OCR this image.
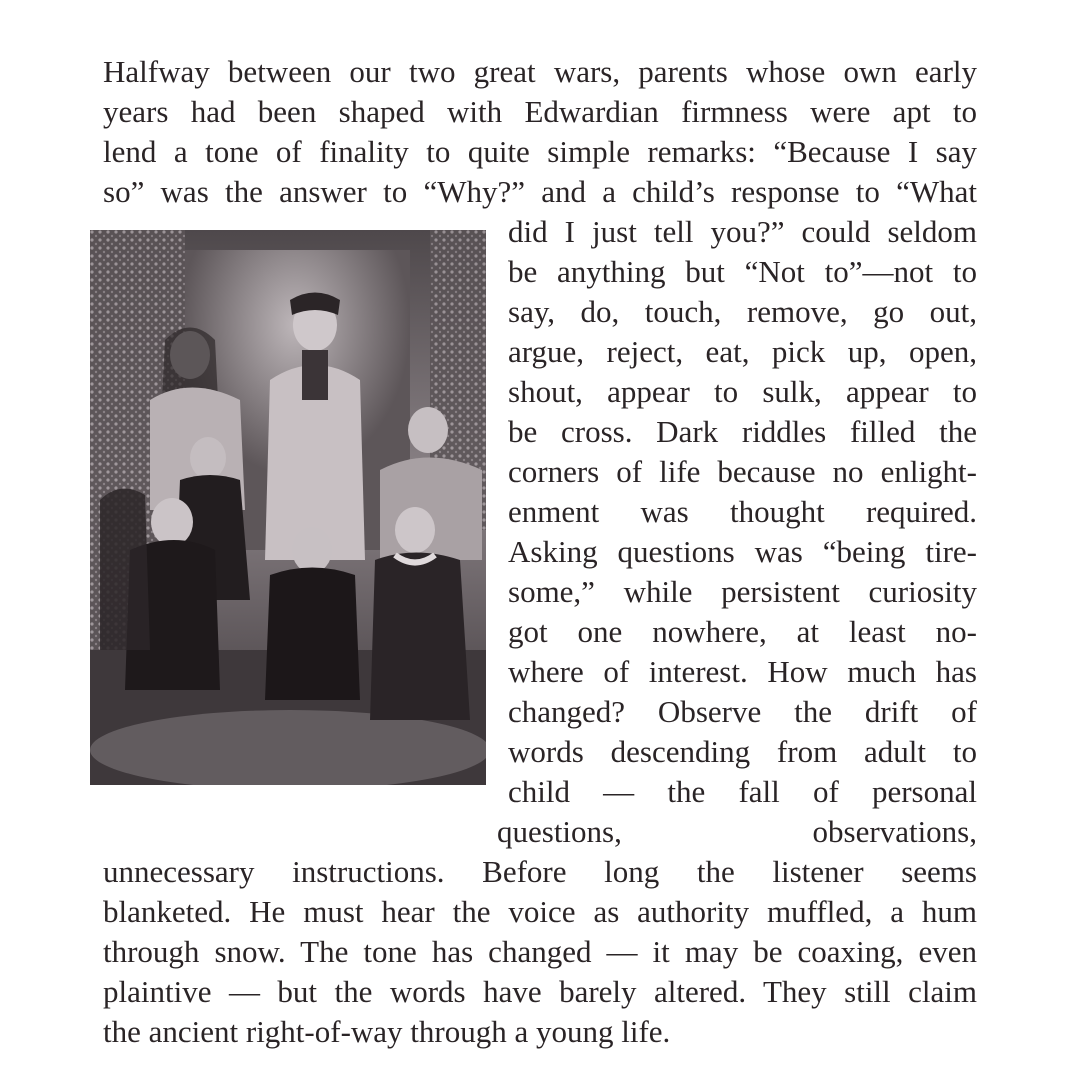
Halfway between our two great wars, parents whose own early
years had been shaped with Edwardian firmness were apt to
lend a tone of finality to quite simple remarks: “Because I say
so” was the answer to “Why?” and a child’s response to “What
did I just tell you?” could seldom
be anything but “Not to”—not to
say, do, touch, remove, go out,
argue, reject, eat, pick up, open,
shout, appear to sulk, appear to
be cross. Dark riddles filled the
corners of life because no enlight-
enment was thought required.
Asking questions was “being tire-
some,” while persistent curiosity
got one nowhere, at least no-
where of interest. How much has
changed? Observe the drift of
words descending from adult to
child — the fall of personal
questions, observations,
unnecessary instructions. Before long the listener seems
blanketed. He must hear the voice as authority muffled, a hum
through snow. The tone has changed — it may be coaxing, even
plaintive — but the words have barely altered. They still claim
the ancient right-of-way through a young life.
